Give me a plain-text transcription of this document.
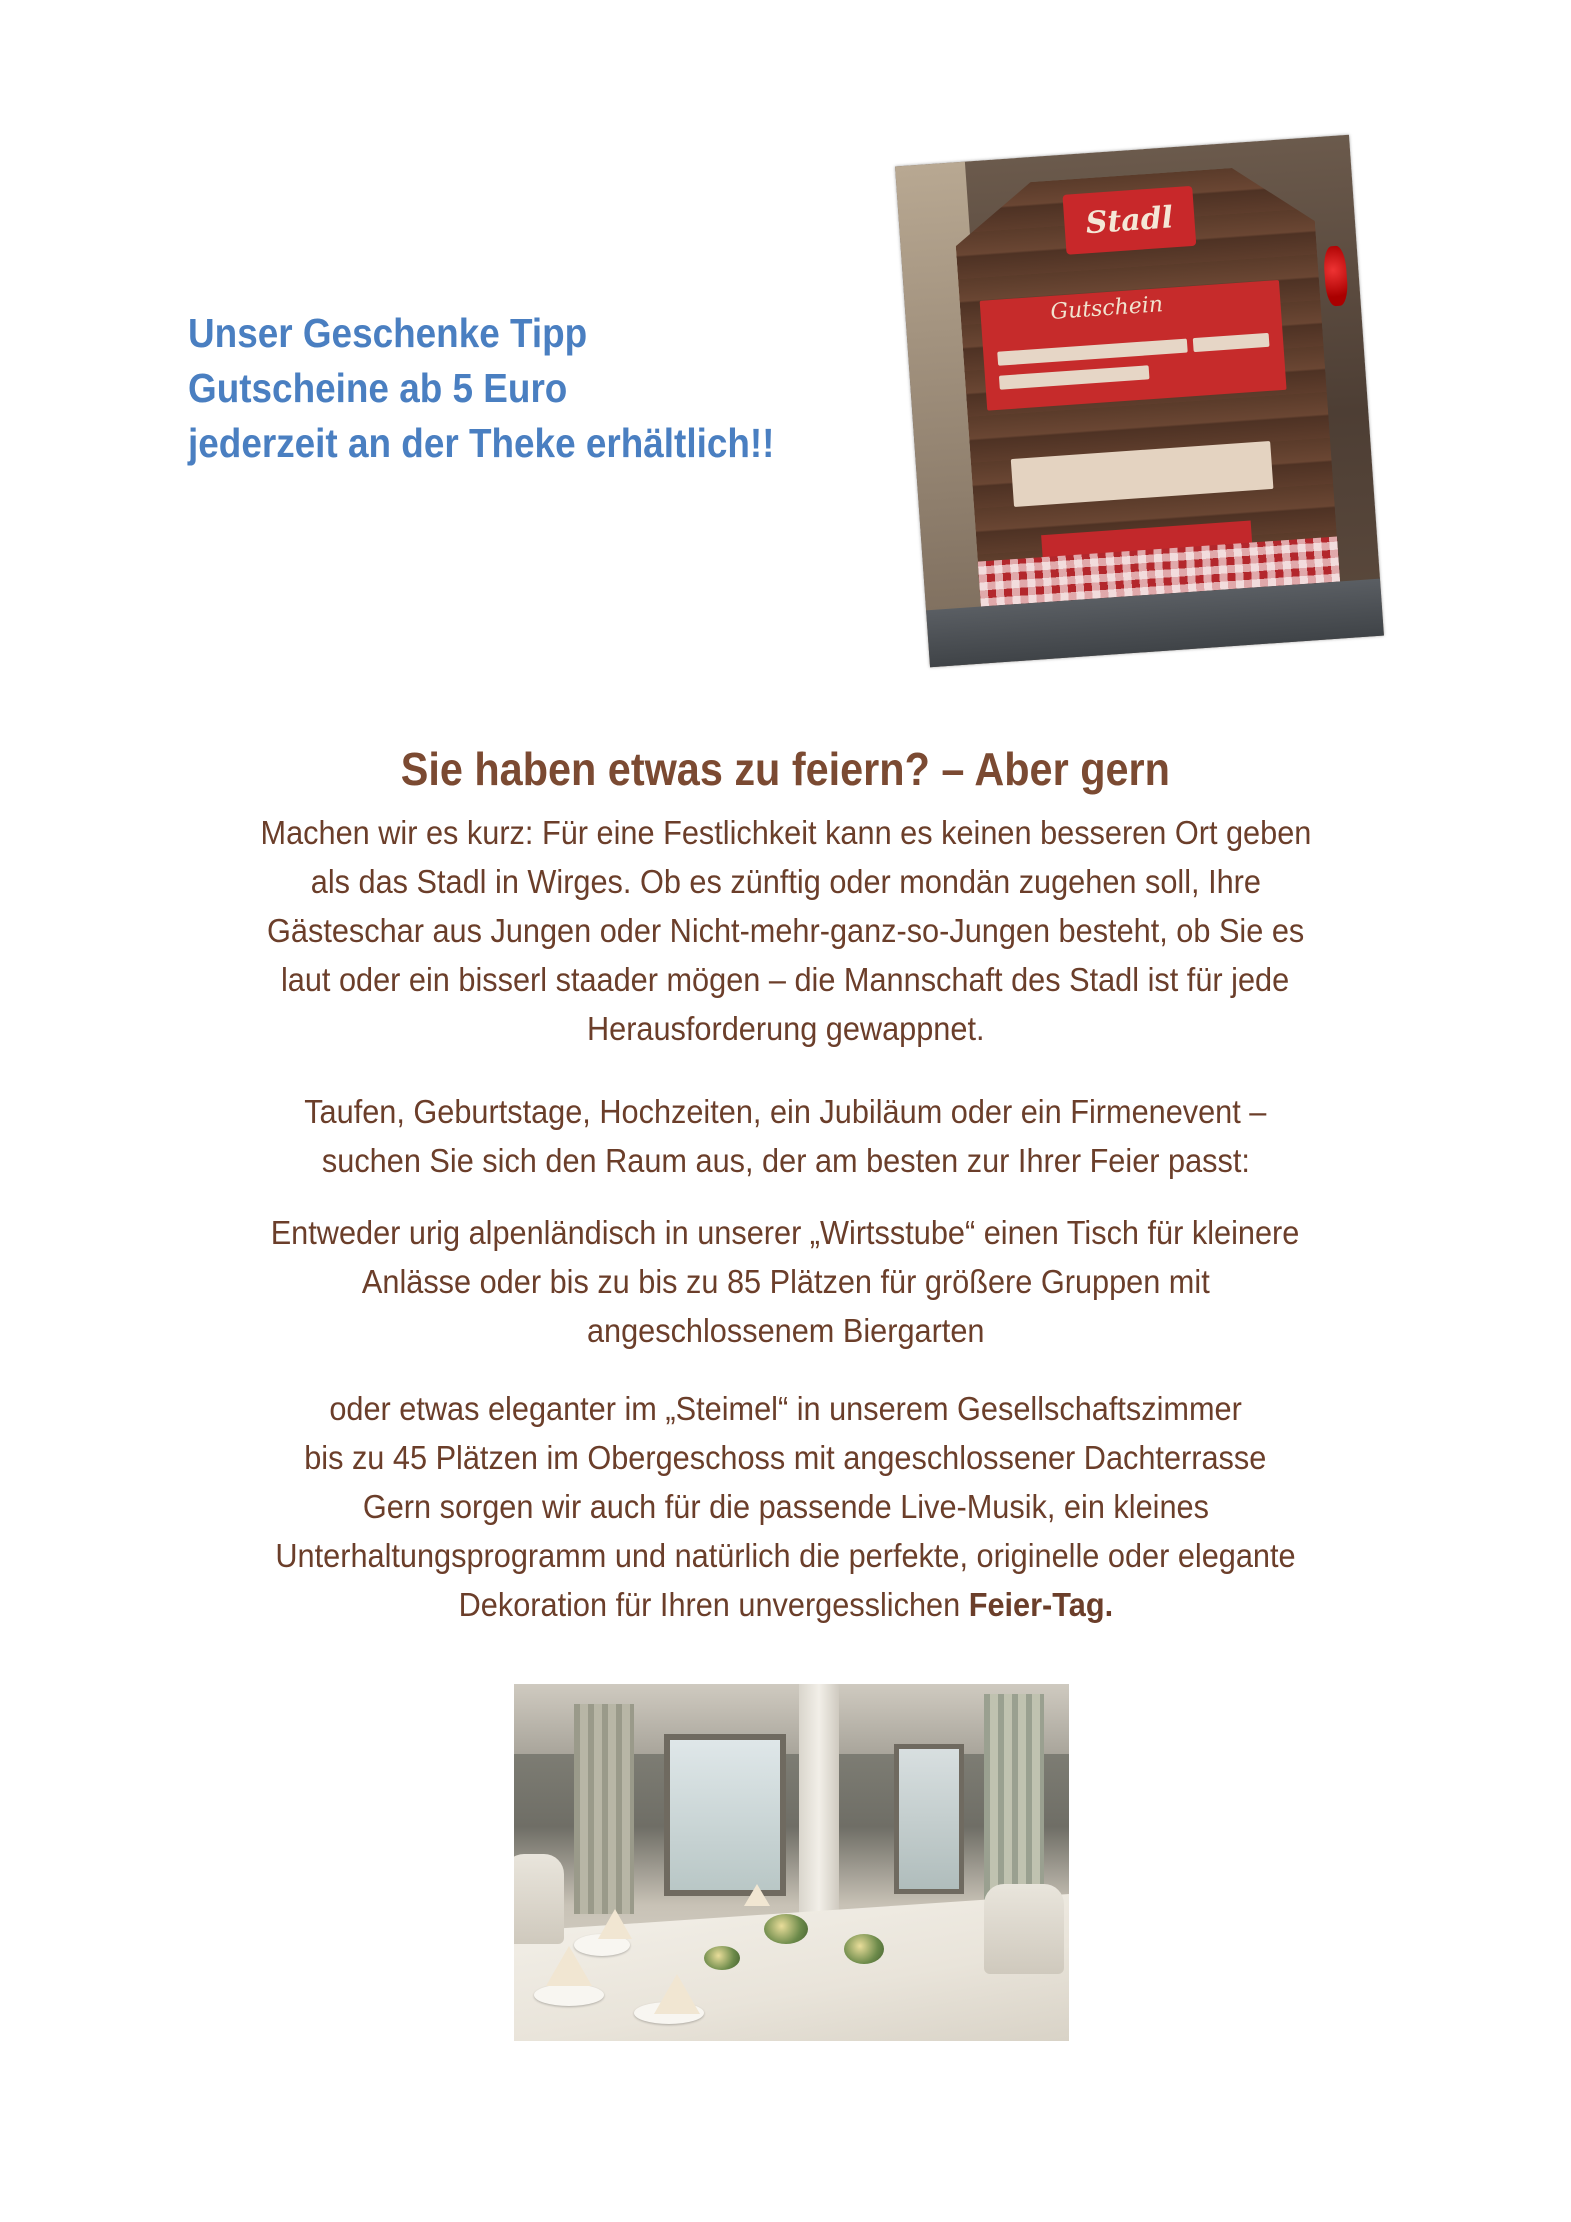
Unser Geschenke Tipp
Gutscheine ab 5 Euro
jederzeit an der Theke erhältlich!!
Stadl
Gutschein
Sie haben etwas zu feiern? – Aber gern

Machen wir es kurz: Für eine Festlichkeit kann es keinen besseren Ort geben

als das Stadl in Wirges. Ob es zünftig oder mondän zugehen soll, Ihre

Gästeschar aus Jungen oder Nicht-mehr-ganz-so-Jungen besteht, ob Sie es

laut oder ein bisserl staader mögen – die Mannschaft des Stadl ist für jede

Herausforderung gewappnet.

Taufen, Geburtstage, Hochzeiten, ein Jubiläum oder ein Firmenevent –

suchen Sie sich den Raum aus, der am besten zur Ihrer Feier passt:

Entweder urig alpenländisch in unserer „Wirtsstube“ einen Tisch für kleinere

Anlässe oder bis zu bis zu 85 Plätzen für größere Gruppen mit

angeschlossenem Biergarten

oder etwas eleganter im „Steimel“ in unserem Gesellschaftszimmer

bis zu 45 Plätzen im Obergeschoss mit angeschlossener Dachterrasse

Gern sorgen wir auch für die passende Live-Musik, ein kleines

Unterhaltungsprogramm und natürlich die perfekte, originelle oder elegante

Dekoration für Ihren unvergesslichen Feier-Tag.
